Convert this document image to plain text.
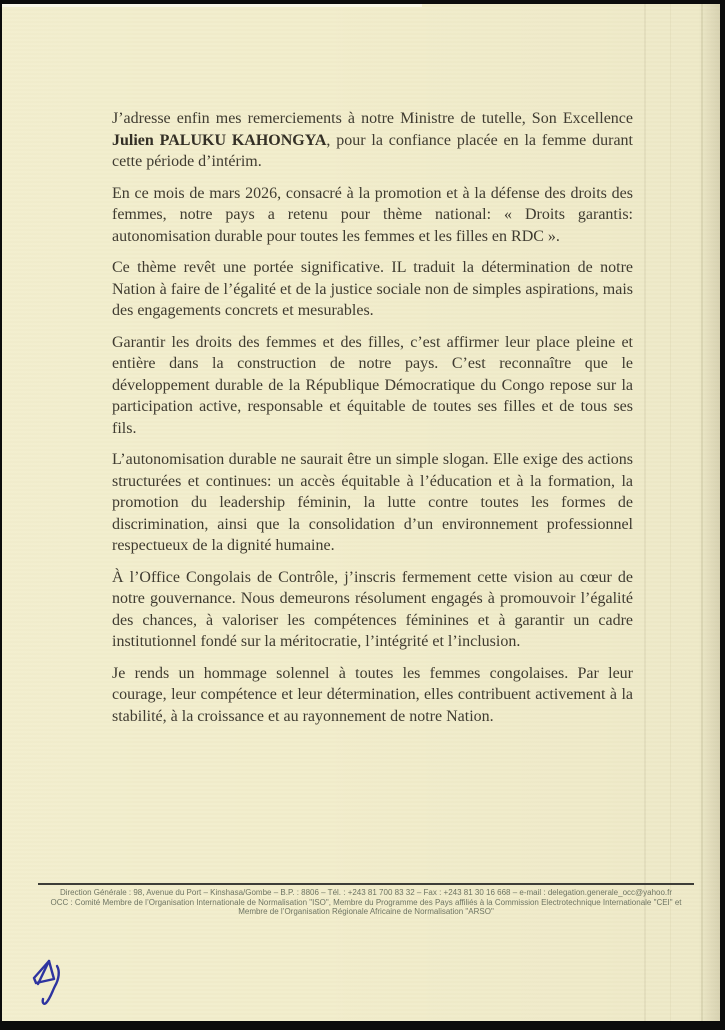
J’adresse enfin mes remerciements à notre Ministre de tutelle, Son Excellence Julien PALUKU KAHONGYA, pour la confiance placée en la femme durant cette période d’intérim.

En ce mois de mars 2026, consacré à la promotion et à la défense des droits des femmes, notre pays a retenu pour thème national: « Droits garantis: autonomisation durable pour toutes les femmes et les filles en RDC ».

Ce thème revêt une portée significative. IL traduit la détermination de notre Nation à faire de l’égalité et de la justice sociale non de simples aspirations, mais des engagements concrets et mesurables.

Garantir les droits des femmes et des filles, c’est affirmer leur place pleine et entière dans la construction de notre pays. C’est reconnaître que le développement durable de la République Démocratique du Congo repose sur la participation active, responsable et équitable de toutes ses filles et de tous ses fils.

L’autonomisation durable ne saurait être un simple slogan. Elle exige des actions structurées et continues: un accès équitable à l’éducation et à la formation, la promotion du leadership féminin, la lutte contre toutes les formes de discrimination, ainsi que la consolidation d’un environnement professionnel respectueux de la dignité humaine.

À l’Office Congolais de Contrôle, j’inscris fermement cette vision au cœur de notre gouvernance. Nous demeurons résolument engagés à promouvoir l’égalité des chances, à valoriser les compétences féminines et à garantir un cadre institutionnel fondé sur la méritocratie, l’intégrité et l’inclusion.

Je rends un hommage solennel à toutes les femmes congolaises. Par leur courage, leur compétence et leur détermination, elles contribuent activement à la stabilité, à la croissance et au rayonnement de notre Nation.

Direction Générale : 98, Avenue du Port – Kinshasa/Gombe – B.P. : 8806 – Tél. : +243 81 700 83 32 – Fax : +243 81 30 16 668 – e-mail : delegation.generale_occ@yahoo.fr
OCC : Comité Membre de l’Organisation Internationale de Normalisation "ISO", Membre du Programme des Pays affiliés à la Commission Electrotechnique Internationale "CEI" et
Membre de l’Organisation Régionale Africaine de Normalisation "ARSO"
